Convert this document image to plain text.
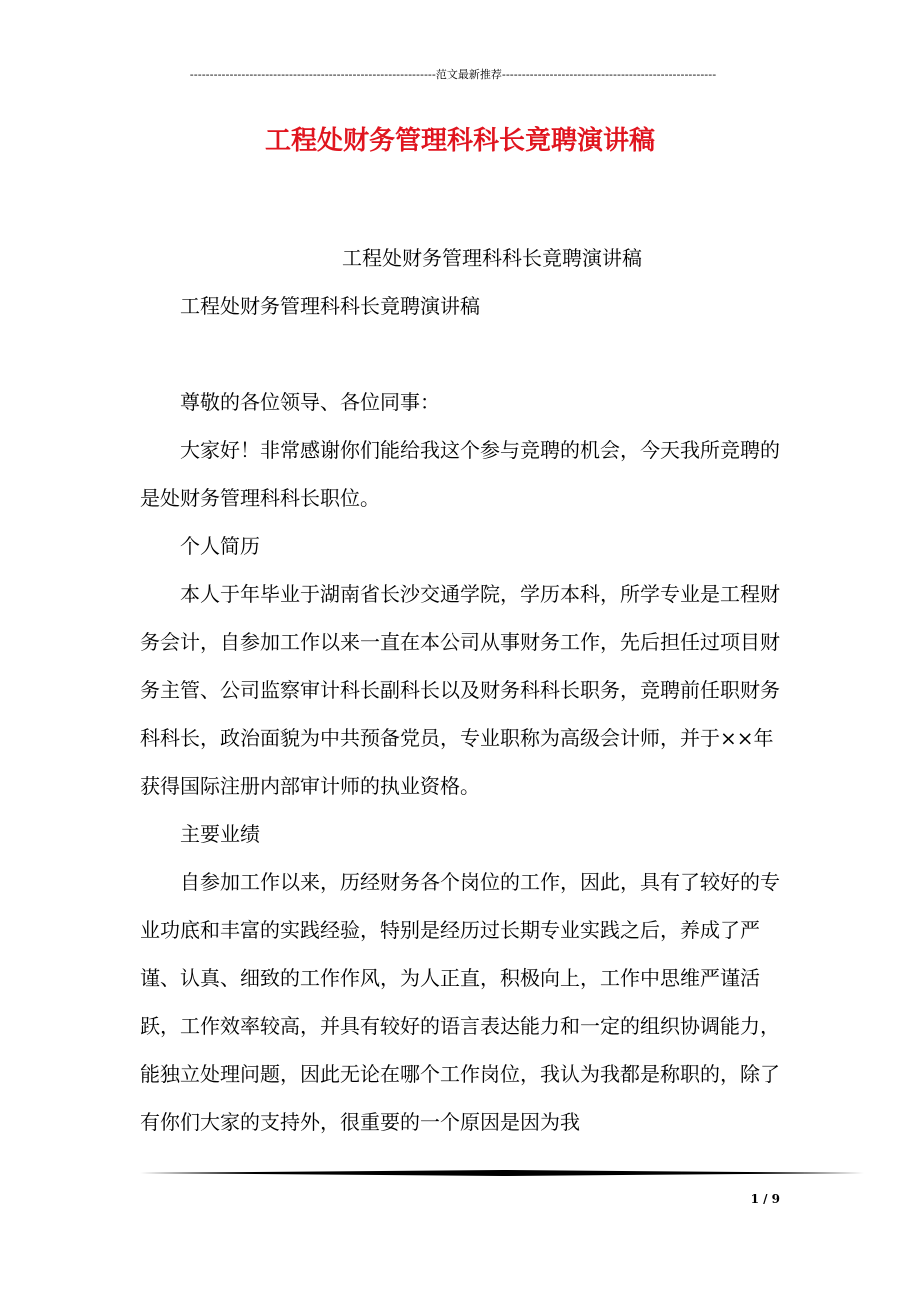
--------------------------------------------------------------范文最新推荐------------------------------------------------------
工程处财务管理科科长竟聘演讲稿

工程处财务管理科科长竟聘演讲稿

工程处财务管理科科长竟聘演讲稿

尊敬的各位领导、各位同事：

大家好！非常感谢你们能给我这个参与竞聘的机会，今天我所竞聘的是处财务管理科科长职位。

个人简历

本人于年毕业于湖南省长沙交通学院，学历本科，所学专业是工程财务会计，自参加工作以来一直在本公司从事财务工作，先后担任过项目财务主管、公司监察审计科长副科长以及财务科科长职务，竞聘前任职财务科科长，政治面貌为中共预备党员，专业职称为高级会计师，并于××年获得国际注册内部审计师的执业资格。

主要业绩

自参加工作以来，历经财务各个岗位的工作，因此，具有了较好的专业功底和丰富的实践经验，特别是经历过长期专业实践之后，养成了严谨、认真、细致的工作作风，为人正直，积极向上，工作中思维严谨活跃，工作效率较高，并具有较好的语言表达能力和一定的组织协调能力，能独立处理问题，因此无论在哪个工作岗位，我认为我都是称职的，除了有你们大家的支持外，很重要的一个原因是因为我

1 / 9
